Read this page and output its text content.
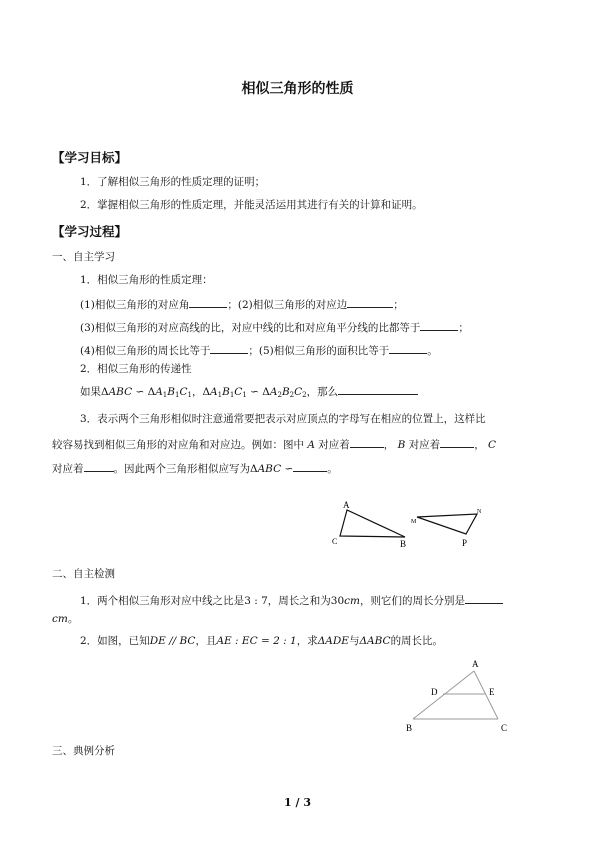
相似三角形的性质
【学习目标】
1．了解相似三角形的性质定理的证明；
2．掌握相似三角形的性质定理，并能灵活运用其进行有关的计算和证明。
【学习过程】
一、自主学习
1．相似三角形的性质定理：
(1)相似三角形的对应角	；(2)相似三角形的对应边	；
(3)相似三角形的对应高线的比，对应中线的比和对应角平分线的比都等于	；
(4)相似三角形的周长比等于	；(5)相似三角形的面积比等于	。
2．相似三角形的传递性
如果ΔABC ∽ $\Delta A_1B_1C_1$，$\Delta A_1B_1C_1$ ∽ $\Delta A_2B_2C_2$，那么
3．表示两个三角形相似时注意通常要把表示对应顶点的字母写在相应的位置上，这样比
较容易找到相似三角形的对应角和对应边。例如：图中 A 对应着	， B 对应着	， C
对应着	。因此两个三角形相似应写为ΔABC ∽	。
A
C	B
M
N
P
二、自主检测
1．两个相似三角形对应中线之比是3 : 7，周长之和为30cm，则它们的周长分别是
cm。
2．如图，已知DE // BC，且AE : EC = 2 : 1，求ΔADE与ΔABC的周长比。
A
D	E
B	C
三、典例分析
1 / 3
